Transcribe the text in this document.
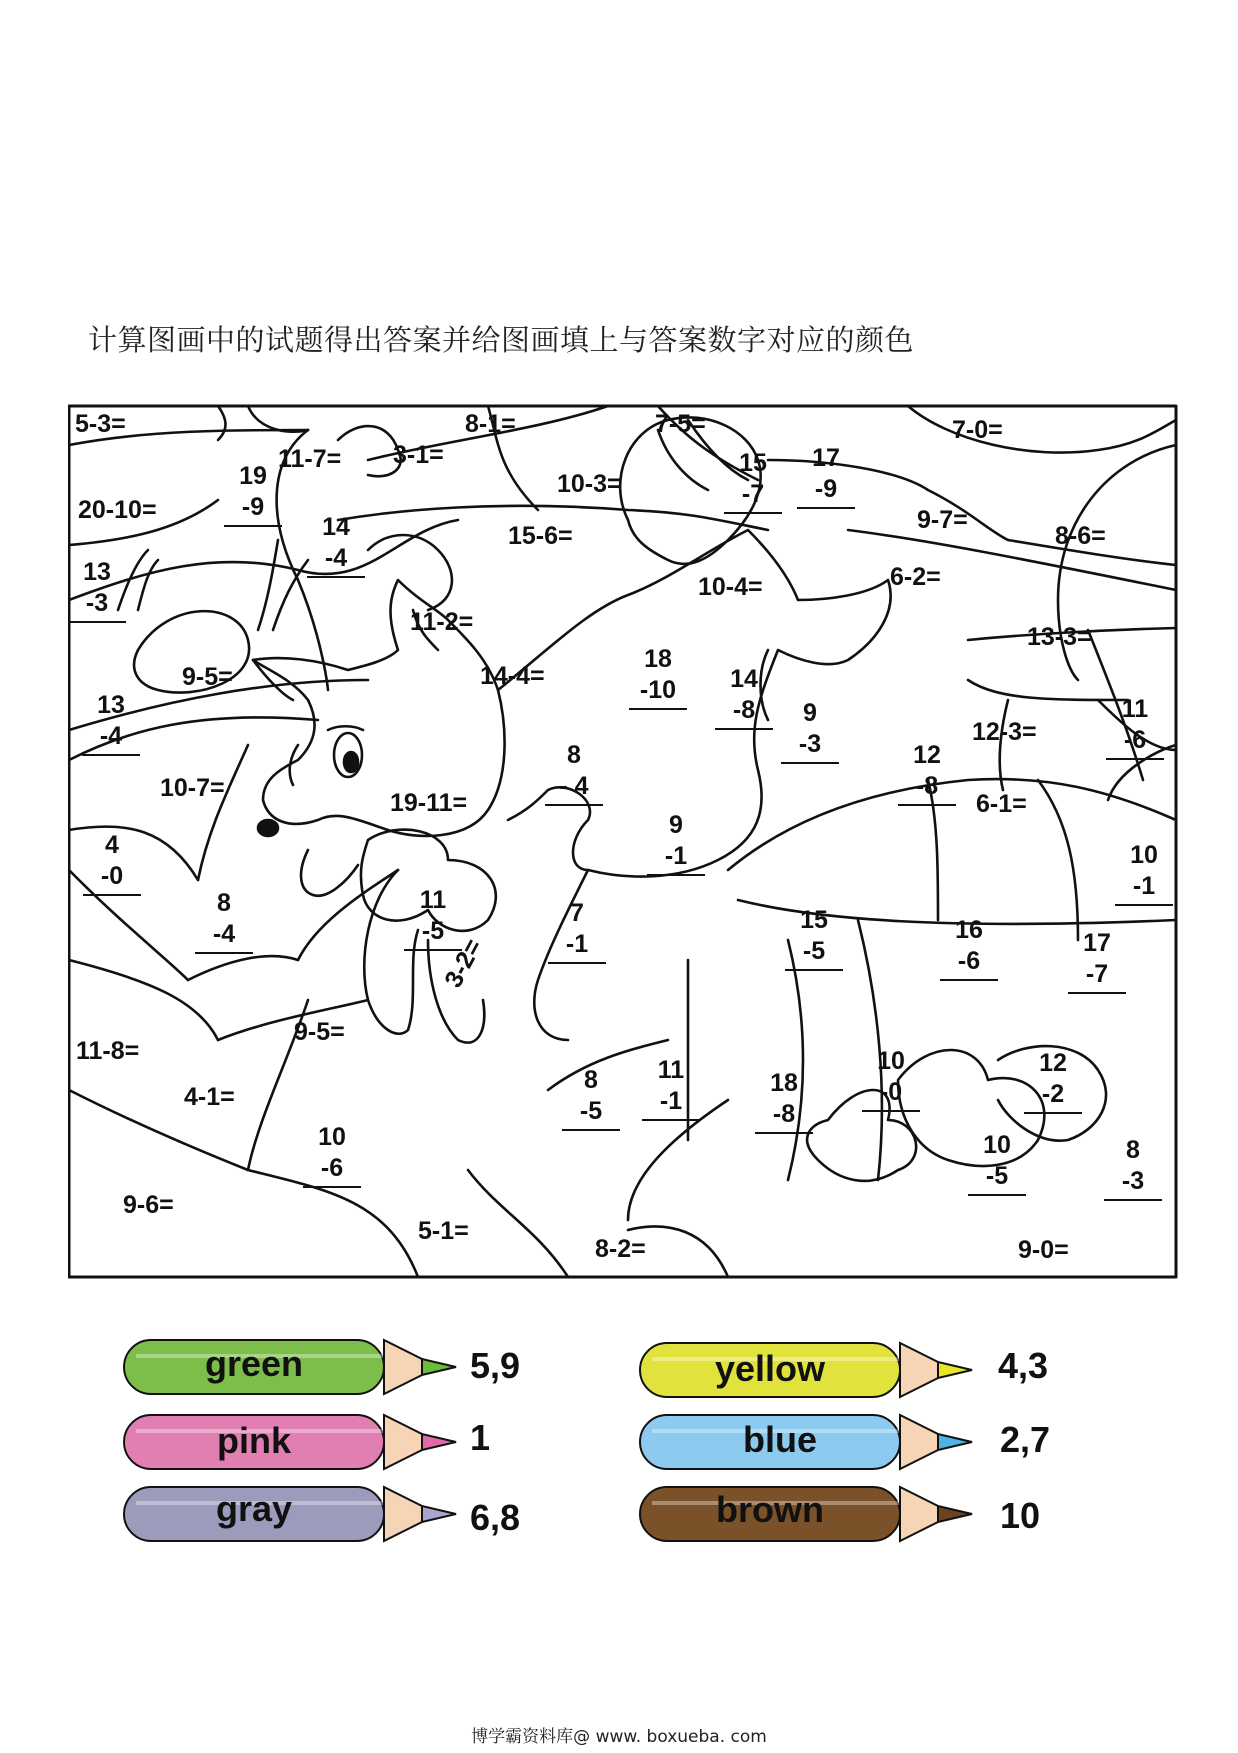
计算图画中的试题得出答案并给图画填上与答案数字对应的颜色
5-3=	8-1=	7-5=	7-0=
11-7= 3-1=
20-10=
10-3=
9-7=
15-6=	8-6=
10-4=	6-2=
11-2=
13-3=
9-5=	14-4=
12-3=
10-7=
19-11=	6-1=
3-2=
11-8=
9-5=
4-1=
9-6=
5-1=
8-2=	9-0=
19
-9
15
-7
17
-9
14
-4
13
-3
18
-10
13
-4
14
-8	9
-3
11
-6
8
- 4
12
-8
4
-0
9
-1	10
-1
8
-4
11
-5
7
-1
15
-5
16
-6
17
-7
10
-0
12
-2
8
-5
11
-1
18
-8
10
-6
10
-5
8
-3
green	5,9	yellow	4,3
pink	1	blue	2,7
gray	6,8	brown	10
博学霸资料库@ www. boxueba. com
